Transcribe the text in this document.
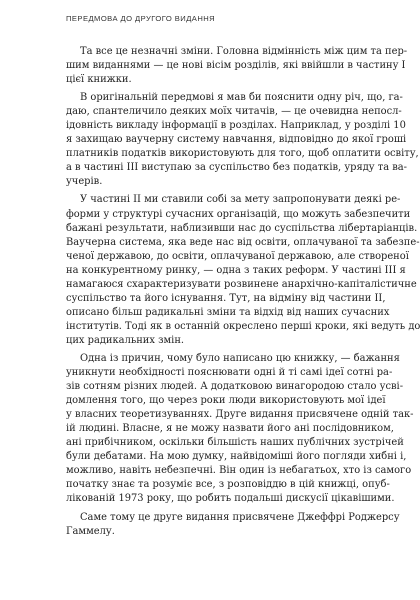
ПЕРЕДМОВА ДО ДРУГОГО ВИДАННЯ
Та все це незначні зміни. Головна відмінність між цим та пер-
шим виданнями — це нові вісім розділів, які ввійшли в частину I
цієї книжки.
В оригінальній передмові я мав би пояснити одну річ, що, га-
даю, спантеличило деяких моїх читачів, — це очевидна непосл-
ідовність викладу інформації в розділах. Наприклад, у розділі 10
я захищаю ваучерну систему навчання, відповідно до якої гроші
платників податків використовують для того, щоб оплатити освіту,
а в частині III виступаю за суспільство без податків, уряду та ва-
учерів.
У частині II ми ставили собі за мету запропонувати деякі ре-
форми у структурі сучасних організацій, що можуть забезпечити
бажані результати, наблизивши нас до суспільства лібертаріанців.
Ваучерна система, яка веде нас від освіти, оплачуваної та забезпе-
ченої державою, до освіти, оплачуваної державою, але створеної
на конкурентному ринку, — одна з таких реформ. У частині III я
намагаюся схарактеризувати розвинене анархічно-капіталістичне
суспільство та його існування. Тут, на відміну від частини II,
описано більш радикальні зміни та відхід від наших сучасних
інститутів. Тоді як в останній окреслено перші кроки, які ведуть до
цих радикальних змін.
Одна із причин, чому було написано цю книжку, — бажання
уникнути необхідності пояснювати одні й ті самі ідеї сотні ра-
зів сотням різних людей. А додатковою винагородою стало усві-
домлення того, що через роки люди використовують мої ідеї
у власних теоретизуваннях. Друге видання присвячене одній так-
ій людині. Власне, я не можу назвати його ані послідовником,
ані прибічником, оскільки більшість наших публічних зустрічей
були дебатами. На мою думку, найвідоміші його погляди хибні і,
можливо, навіть небезпечні. Він один із небагатьох, хто із самого
початку знає та розуміє все, з розповіддю в цій книжці, опуб-
лікованій 1973 року, що робить подальші дискусії цікавішими.
Саме тому це друге видання присвячене Джеффрі Роджерсу
Гаммелу.
